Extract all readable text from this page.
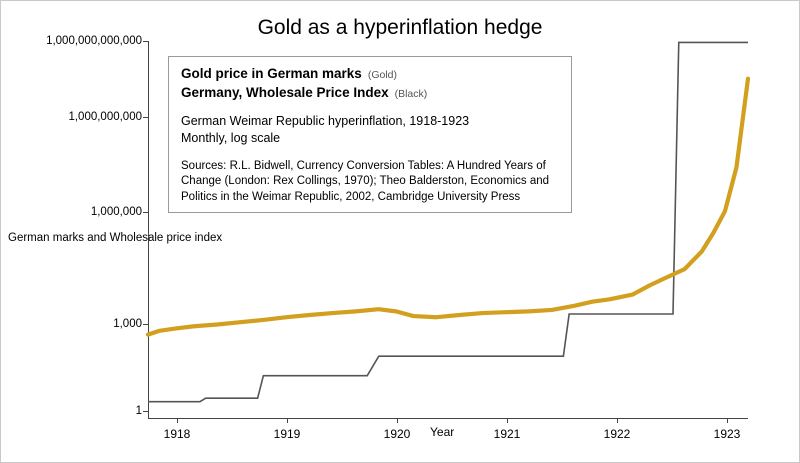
Gold as a hyperinflation hedge
1,000,000,000,000
1,000,000,000
1,000,000
1,000
1
German marks and Wholesale price index
1918	1919	1920	1921	1922	1923
Year
Gold price in German marks (Gold)
Germany, Wholesale Price Index (Black)
German Weimar Republic hyperinflation, 1918-1923
Monthly, log scale
Sources: R.L. Bidwell, Currency Conversion Tables: A Hundred Years of Change (London: Rex Collings, 1970); Theo Balderston, Economics and Politics in the Weimar Republic, 2002, Cambridge University Press
